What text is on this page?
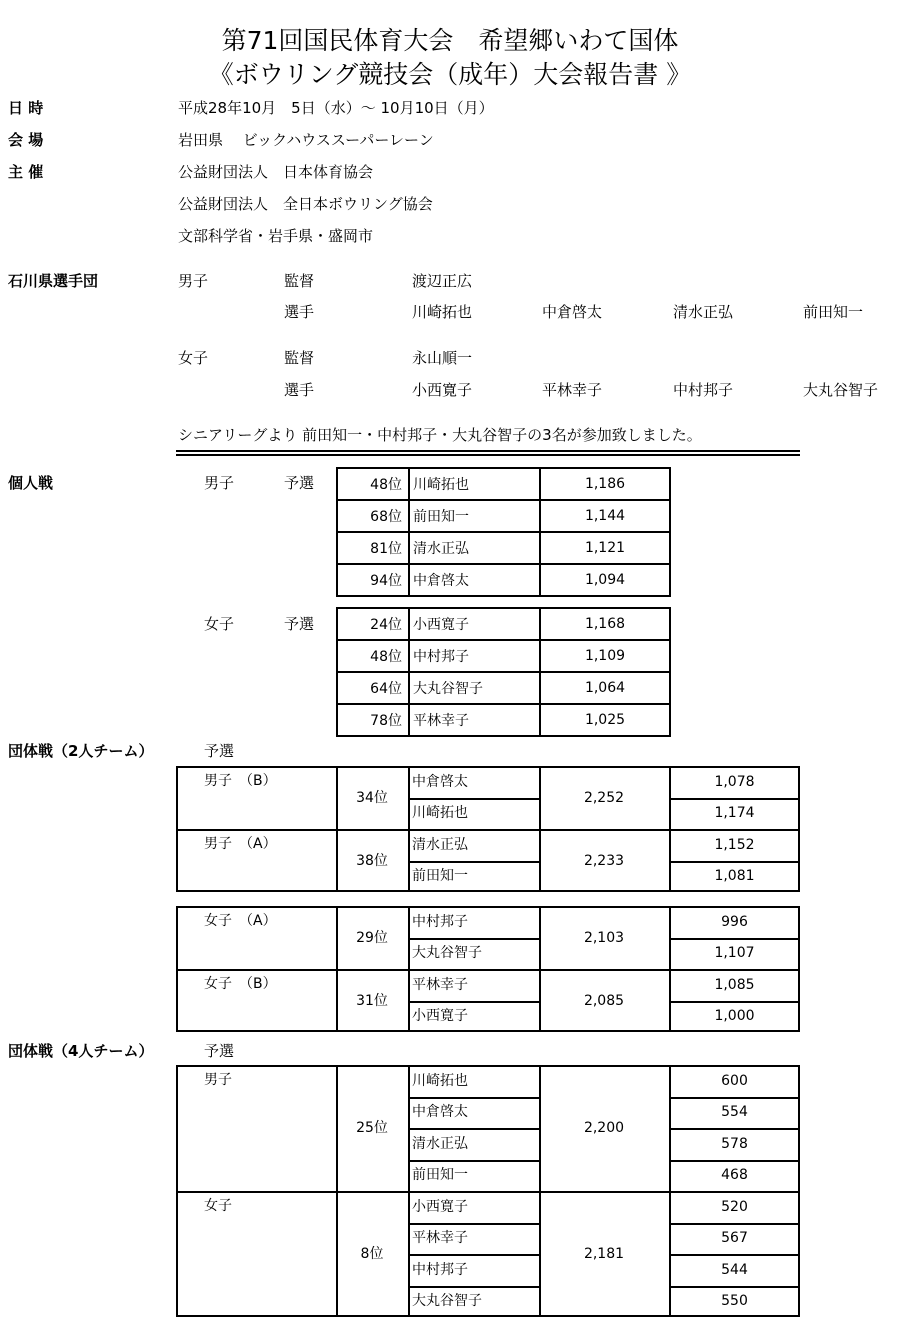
第71回国民体育大会　希望郷いわて国体
《ボウリング競技会（成年）大会報告書 》
日 時	平成28年10月　5日（水）～ 10月10日（月）
会 場	岩田県　 ビックハウススーパーレーン
主 催	公益財団法人　日本体育協会
公益財団法人　全日本ボウリング協会
文部科学省・岩手県・盛岡市
石川県選手団	男子	監督	渡辺正広
選手	川崎拓也	中倉啓太	清水正弘	前田知一
女子	監督	永山順一
選手	小西寛子	平林幸子	中村邦子	大丸谷智子
シニアリーグより 前田知一・中村邦子・大丸谷智子の3名が参加致しました。
個人戦	男子	予選	48位	川崎拓也	1,186
68位	前田知一	1,144
81位	清水正弘	1,121
94位	中倉啓太	1,094
女子	予選	24位	小西寛子	1,168
48位	中村邦子	1,109
64位	大丸谷智子	1,064
78位	平林幸子	1,025
団体戦（2人チーム）	予選
男子　（B）
34位	2,252
中倉啓太	1,078
川崎拓也	1,174
男子　（A）
38位	2,233
清水正弘	1,152
前田知一	1,081
女子　（A）
29位	2,103
中村邦子	996
大丸谷智子	1,107
女子　（B）
31位	2,085
平林幸子	1,085
小西寛子	1,000
団体戦（4人チーム）	予選
男子
25位	2,200
川崎拓也	600
中倉啓太	554
清水正弘	578
前田知一	468
女子
8位	2,181
小西寛子	520
平林幸子	567
中村邦子	544
大丸谷智子	550
